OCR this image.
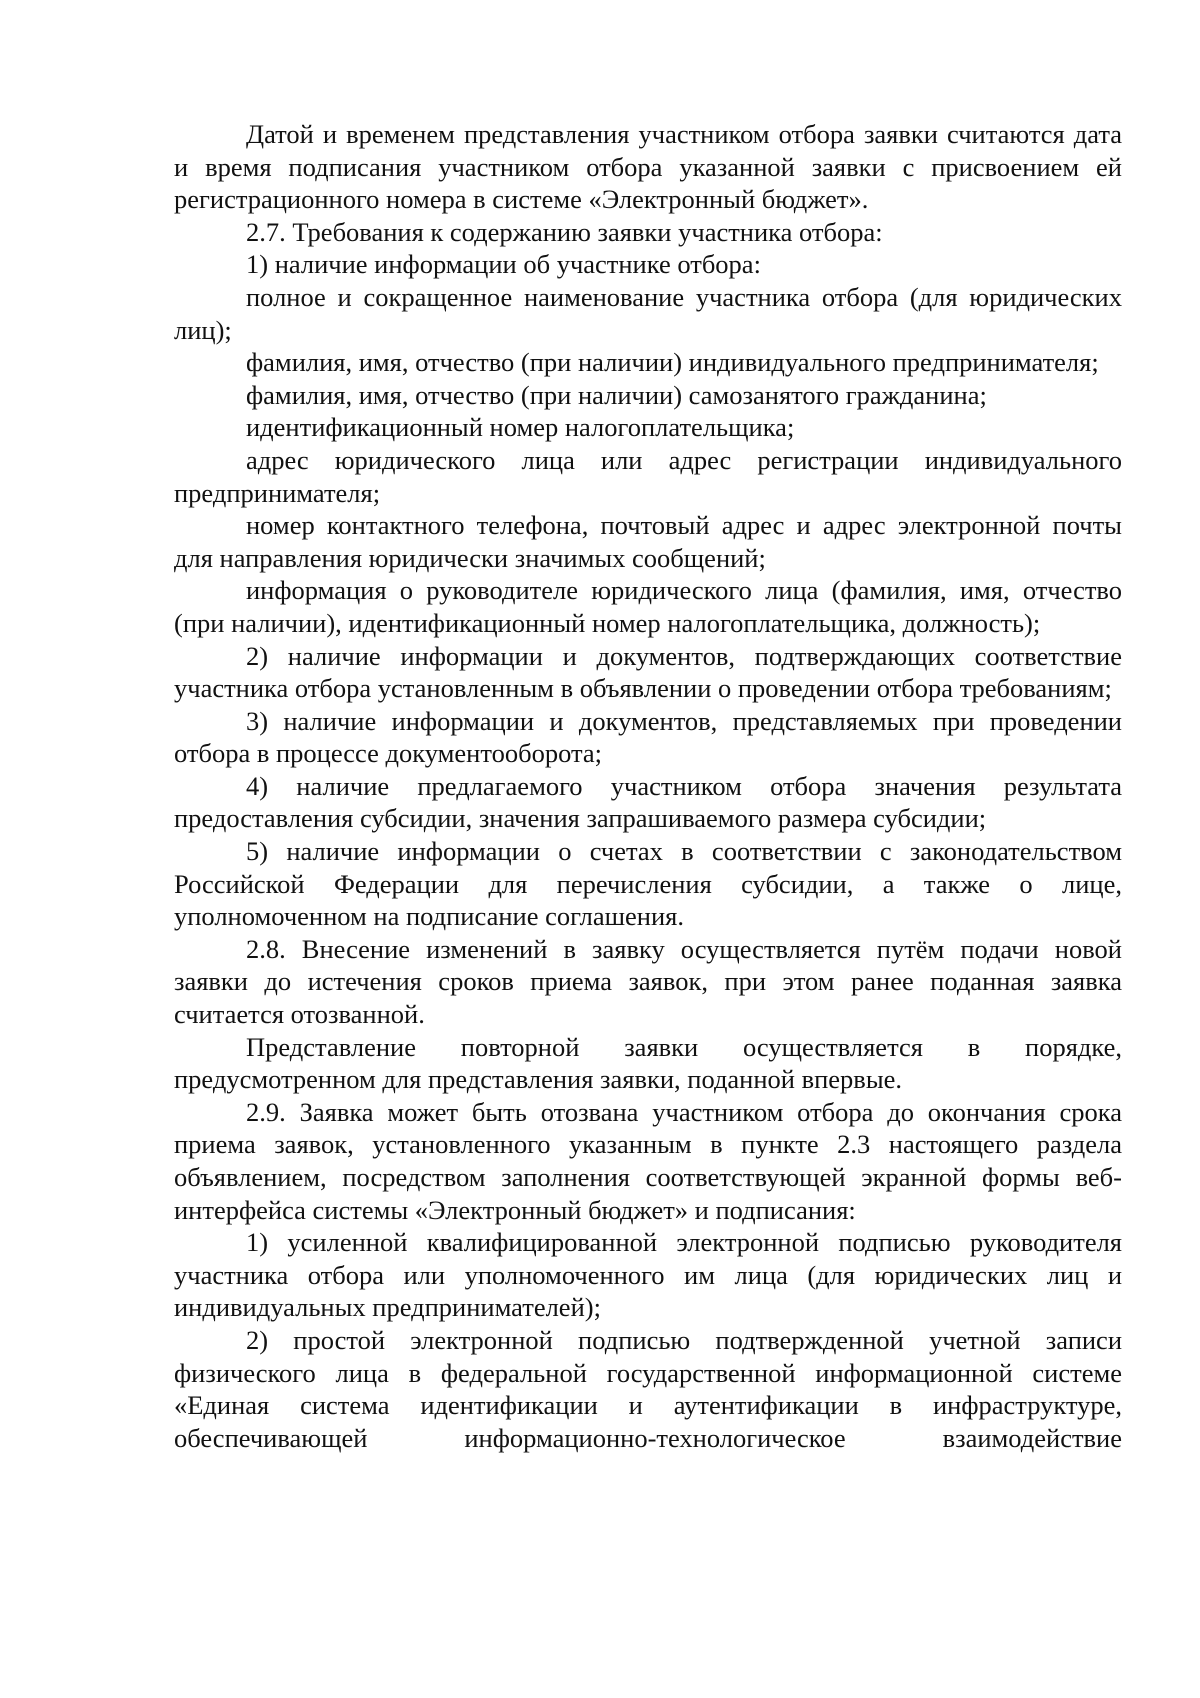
Датой и временем представления участником отбора заявки считаются дата и время подписания участником отбора указанной заявки с присвоением ей регистрационного номера в системе «Электронный бюджет».

2.7. Требования к содержанию заявки участника отбора:

1) наличие информации об участнике отбора:

полное и сокращенное наименование участника отбора (для юридических лиц);

фамилия, имя, отчество (при наличии) индивидуального предпринимателя;

фамилия, имя, отчество (при наличии) самозанятого гражданина;

идентификационный номер налогоплательщика;

адрес юридического лица или адрес регистрации индивидуального предпринимателя;

номер контактного телефона, почтовый адрес и адрес электронной почты для направления юридически значимых сообщений;

информация о руководителе юридического лица (фамилия, имя, отчество (при наличии), идентификационный номер налогоплательщика, должность);

2) наличие информации и документов, подтверждающих соответствие участника отбора установленным в объявлении о проведении отбора требованиям;

3) наличие информации и документов, представляемых при проведении отбора в процессе документооборота;

4) наличие предлагаемого участником отбора значения результата предоставления субсидии, значения запрашиваемого размера субсидии;

5) наличие информации о счетах в соответствии с законодательством Российской Федерации для перечисления субсидии, а также о лице, уполномоченном на подписание соглашения.

2.8. Внесение изменений в заявку осуществляется путём подачи новой заявки до истечения сроков приема заявок, при этом ранее поданная заявка считается отозванной.

Представление повторной заявки осуществляется в порядке, предусмотренном для представления заявки, поданной впервые.

2.9. Заявка может быть отозвана участником отбора до окончания срока приема заявок, установленного указанным в пункте 2.3 настоящего раздела объявлением, посредством заполнения соответствующей экранной формы веб-интерфейса системы «Электронный бюджет» и подписания:

1) усиленной квалифицированной электронной подписью руководителя участника отбора или уполномоченного им лица (для юридических лиц и индивидуальных предпринимателей);

2) простой электронной подписью подтвержденной учетной записи физического лица в федеральной государственной информационной системе «Единая система идентификации и аутентификации в инфраструктуре, обеспечивающей информационно-технологическое взаимодействие
